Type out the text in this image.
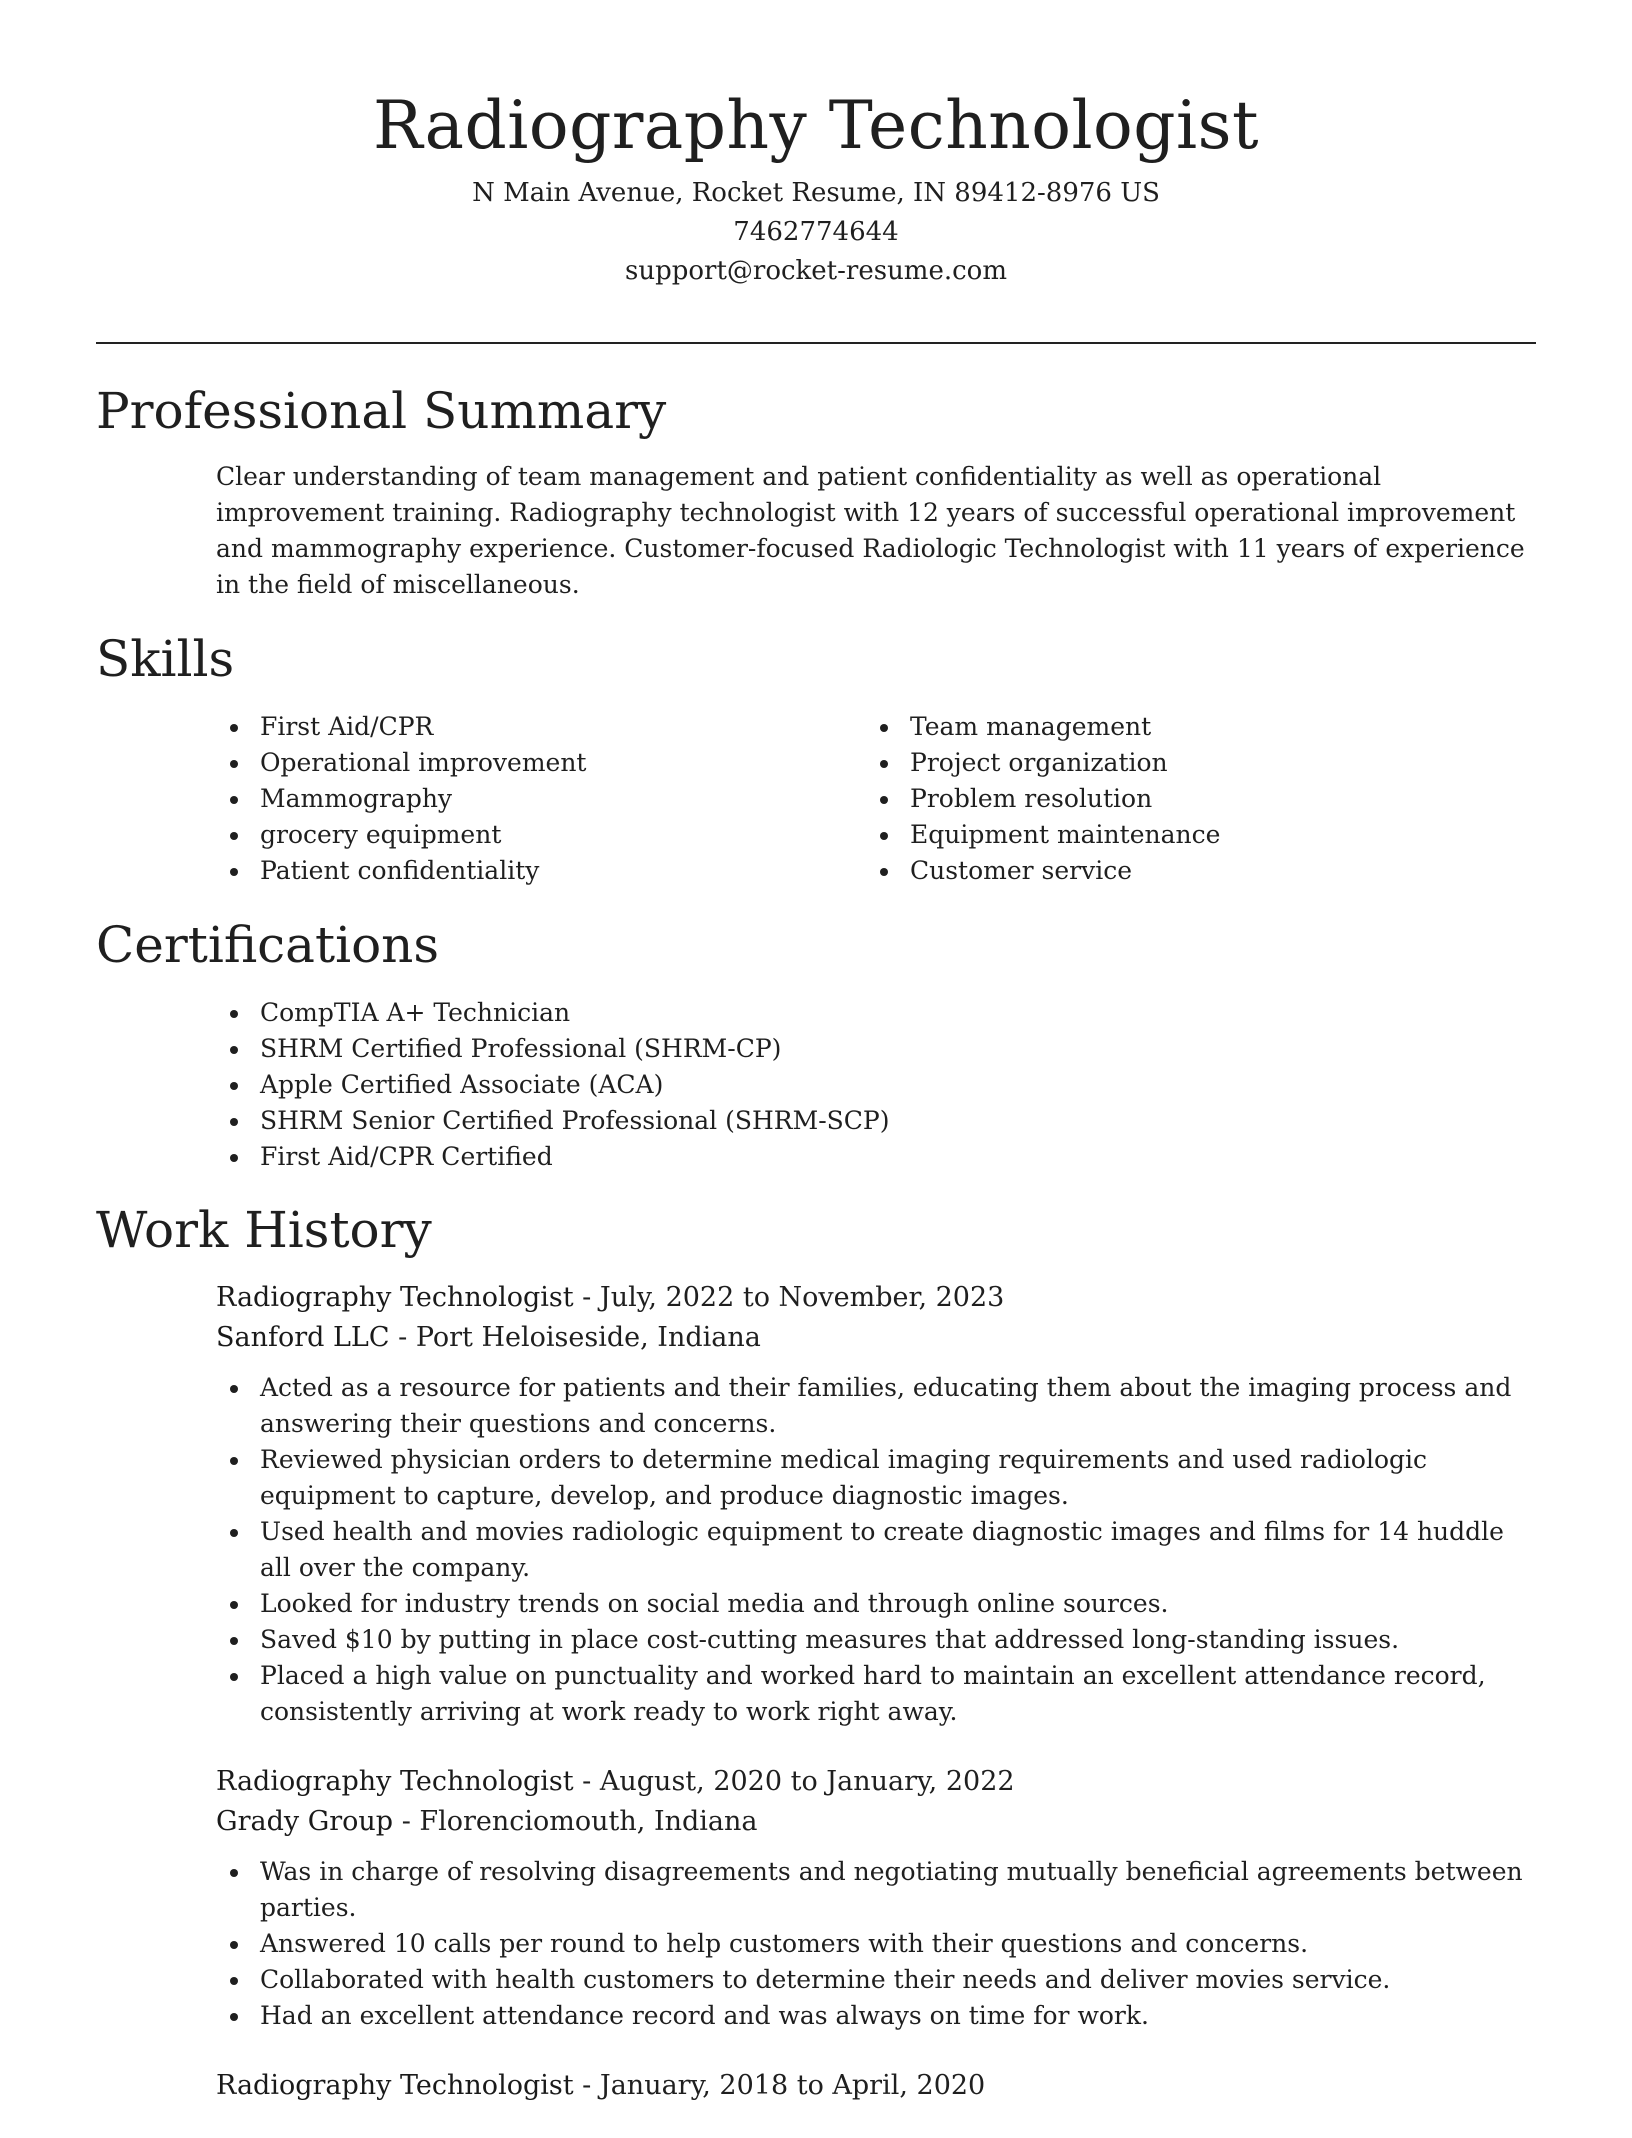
Radiography Technologist

N Main Avenue, Rocket Resume, IN 89412-8976 US

7462774644

support@rocket-resume.com

Professional Summary

Clear understanding of team management and patient confidentiality as well as operational improvement training. Radiography technologist with 12 years of successful operational improvement and mammography experience. Customer-focused Radiologic Technologist with 11 years of experience in the field of miscellaneous.

Skills
First Aid/CPR
Operational improvement
Mammography
grocery equipment
Patient confidentiality
Team management
Project organization
Problem resolution
Equipment maintenance
Customer service
Certifications
CompTIA A+ Technician
SHRM Certified Professional (SHRM-CP)
Apple Certified Associate (ACA)
SHRM Senior Certified Professional (SHRM-SCP)
First Aid/CPR Certified
Work History

Radiography Technologist - July, 2022 to November, 2023

Sanford LLC - Port Heloiseside, Indiana

Acted as a resource for patients and their families, educating them about the imaging process and answering their questions and concerns.
Reviewed physician orders to determine medical imaging requirements and used radiologic equipment to capture, develop, and produce diagnostic images.
Used health and movies radiologic equipment to create diagnostic images and films for 14 huddle all over the company.
Looked for industry trends on social media and through online sources.
Saved $10 by putting in place cost-cutting measures that addressed long-standing issues.
Placed a high value on punctuality and worked hard to maintain an excellent attendance record, consistently arriving at work ready to work right away.

Radiography Technologist - August, 2020 to January, 2022

Grady Group - Florenciomouth, Indiana

Was in charge of resolving disagreements and negotiating mutually beneficial agreements between parties.
Answered 10 calls per round to help customers with their questions and concerns.
Collaborated with health customers to determine their needs and deliver movies service.
Had an excellent attendance record and was always on time for work.

Radiography Technologist - January, 2018 to April, 2020
